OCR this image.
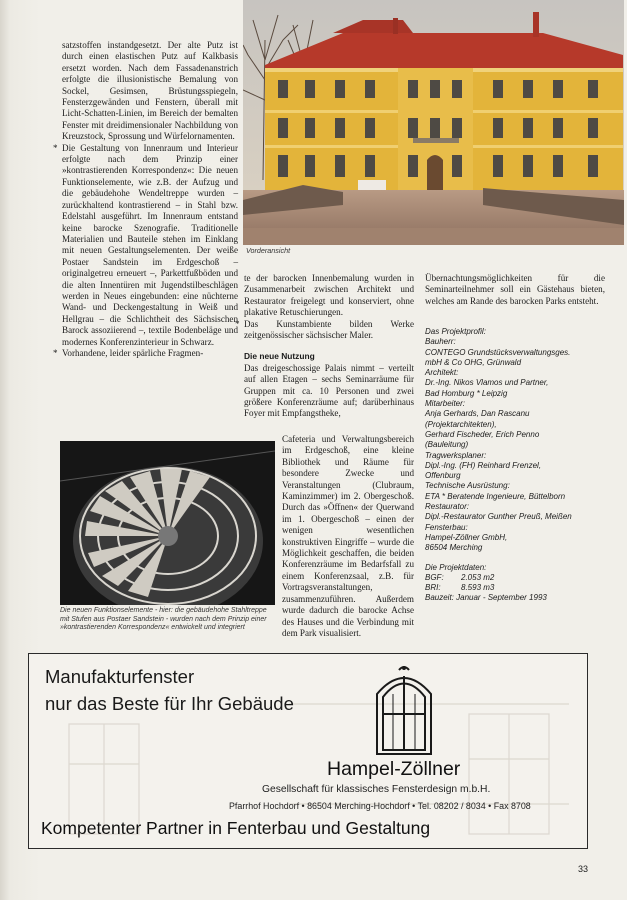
Vorderansicht

satzstoffen instandgesetzt. Der alte Putz ist durch einen elastischen Putz auf Kalkbasis ersetzt worden. Nach dem Fassadenanstrich erfolgte die illusionistische Bemalung von Sockel, Gesimsen, Brüstungsspiegeln, Fensterzgewänden und Fenstern, überall mit Licht-Schatten-Linien, im Bereich der bemalten Fenster mit dreidimensionaler Nachbildung von Kreuzstock, Sprossung und Würfelornamenten.

* Die Gestaltung von Innenraum und Interieur erfolgte nach dem Prinzip einer »kontrastierenden Korrespondenz«: Die neuen Funktionselemente, wie z.B. der Aufzug und die gebäudehohe Wendeltreppe wurden – zurückhaltend kontrastierend – in Stahl bzw. Edelstahl ausgeführt. Im Innenraum entstand keine barocke Szenografie. Traditionelle Materialien und Bauteile stehen im Einklang mit neuen Gestaltungselementen. Der weiße Postaer Sandstein im Erdgeschoß – originalgetreu erneuert –, Parkettfußböden und die alten Innentüren mit Jugendstilbeschlägen werden in Neues eingebunden: eine nüchterne Wand- und Deckengestaltung in Weiß und Hellgrau – die Schlichtheit des Sächsischen Barock assoziierend –, textile Bodenbeläge und modernes Konferenzinterieur in Schwarz.

* Vorhandene, leider spärliche Fragmen-

te der barocken Innenbemalung wurden in Zusammenarbeit zwischen Architekt und Restaurator freigelegt und konserviert, ohne plakative Retuschierungen.

* Das Kunstambiente bilden Werke zeitgenössischer sächsischer Maler.

Die neue Nutzung

Das dreigeschossige Palais nimmt – verteilt auf allen Etagen – sechs Seminarräume für Gruppen mit ca. 10 Personen und zwei größere Konferenzräume auf; darüberhinaus Foyer mit Empfangstheke,

Cafeteria und Verwaltungsbereich im Erdgeschoß, eine kleine Bibliothek und Räume für besondere Zwecke und Veranstaltungen (Clubraum, Kaminzimmer) im 2. Obergeschoß. Durch das »Öffnen« der Querwand im 1. Obergeschoß – einen der wenigen wesentlichen konstruktiven Eingriffe – wurde die Möglichkeit geschaffen, die beiden Konferenzräume im Bedarfsfall zu einem Konferenzsaal, z.B. für Vortragsveranstaltungen, zusammenzuführen. Außerdem wurde dadurch die barocke Achse des Hauses und die Verbindung mit dem Park visualisiert.

Die neuen Funktionselemente - hier: die gebäudehohe Stahltreppe mit Stufen aus Postaer Sandstein - wurden nach dem Prinzip einer »kontrastierenden Korrespondenz« entwickelt und integriert

Übernachtungsmöglichkeiten für die Seminarteilnehmer soll ein Gästehaus bieten, welches am Rande des barocken Parks entsteht.

Das Projektprofil:
Bauherr:
CONTEGO Grundstücksverwaltungsges.
mbH & Co OHG, Grünwald
Architekt:
Dr.-Ing. Nikos Vlamos und Partner,
Bad Homburg * Leipzig
Mitarbeiter:
Anja Gerhards, Dan Rascanu
(Projektarchitekten),
Gerhard Fischeder, Erich Penno
(Bauleitung)
Tragwerksplaner:
Dipl.-Ing. (FH) Reinhard Frenzel,
Offenburg
Technische Ausrüstung:
ETA * Beratende Ingenieure, Büttelborn
Restaurator:
Dipl.-Restaurator Gunther Preuß, Meißen
Fensterbau:
Hampel-Zöllner GmbH,
86504 Merching
Die Projektdaten:
BGF: 2.053 m2
BRI:	8.593 m3
Bauzeit: Januar - September 1993
Manufakturfenster
nur das Beste für Ihr Gebäude
Hampel-Zöllner
Gesellschaft für klassisches Fensterdesign m.b.H.
Pfarrhof Hochdorf • 86504 Merching-Hochdorf • Tel. 08202 / 8034 • Fax 8708
Kompetenter Partner in Fenterbau und Gestaltung
33
